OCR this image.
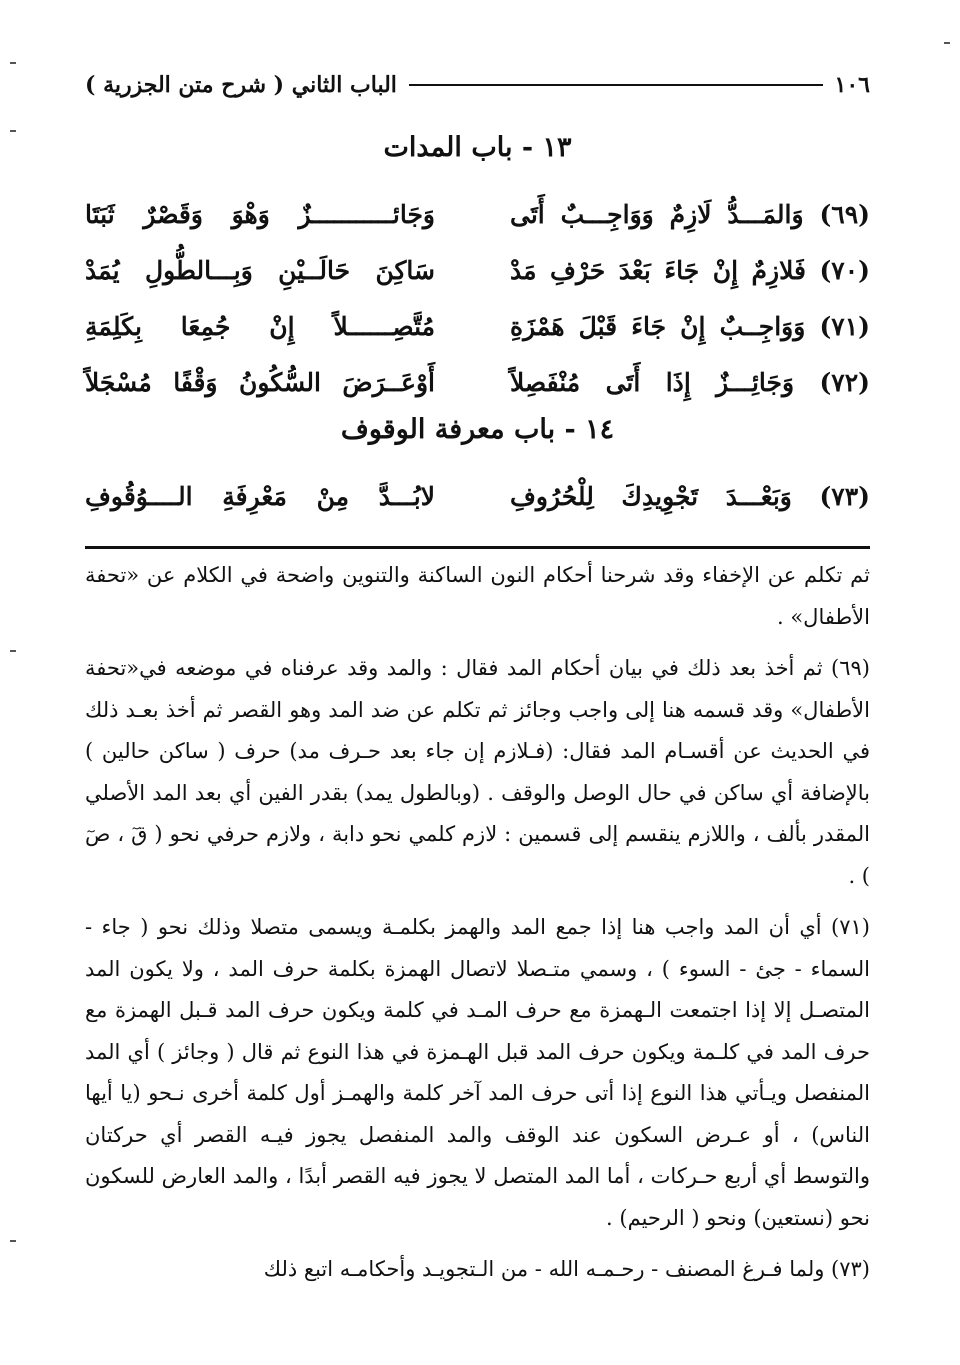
١٠٦
الباب الثاني ( شرح متن الجزرية )
١٣ - باب المدات
(٦٩) وَالمَـــدُّ لَازِمٌ وَوَاجِـــبٌ أَتَى
وَجَائـــــــــــزٌ وَهْوَ وَقَصْرٌ ثَبَتَا
(٧٠) فَلازِمٌ إِنْ جَاءَ بَعْدَ حَرْفِ مَدْ
سَاكِنَ حَالَــيْنِ وَبِـــالطُّولِ يُمَدْ
(٧١) وَوَاجِــبٌ إِنْ جَاءَ قَبْلَ هَمْزَةِ
مُتَّصِــــــلاً إِنْ جُمِعَا بِكَلِمَةِ
(٧٢) وَجَائِـــزٌ إِذَا أَتَى مُنْفَصِلاً
أَوْعَــرَضَ السُّكُونُ وَقْفًا مُسْجَلاً
١٤ - باب معرفة الوقوف
(٧٣) وَبَعْـــدَ تَجْوِيدِكَ لِلْحُرُوفِ
لابُـــدَّ مِنْ مَعْرِفَةِ الــــوُقُوفِ

ثم تكلم عن الإخفاء وقد شرحنا أحكام النون الساكنة والتنوين واضحة في الكلام عن «تحفة الأطفال» .

(٦٩) ثم أخذ بعد ذلك في بيان أحكام المد فقال : والمد وقد عرفناه في موضعه في«تحفة الأطفال» وقد قسمه هنا إلى واجب وجائز ثم تكلم عن ضد المد وهو القصر ثم أخذ بعـد ذلك في الحديث عن أقسـام المد فقال: (فـلازم إن جاء بعد حـرف مد) حرف ( ساكن حالين ) بالإضافة أي ساكن في حال الوصل والوقف . (وبالطول يمد) بقدر الفين أي بعد المد الأصلي المقدر بألف ، واللازم ينقسم إلى قسمين : لازم كلمي نحو دابة ، ولازم حرفي نحو ( قٓ ، صٓ ) .

(٧١) أي أن المد واجب هنا إذا جمع المد والهمز بكلمـة ويسمى متصلا وذلك نحو ( جاء - السماء - جئ - السوء ) ، وسمي متـصلا لاتصال الهمزة بكلمة حرف المد ، ولا يكون المد المتصـل إلا إذا اجتمعت الـهمزة مع حرف المـد في كلمة ويكون حرف المد قـبل الهمزة مع حرف المد في كلـمة ويكون حرف المد قبل الهـمزة في هذا النوع ثم قال ( وجائز ) أي المد المنفصل ويـأتي هذا النوع إذا أتى حرف المد آخر كلمة والهمـز أول كلمة أخرى نـحو (يا أيها الناس) ، أو عـرض السكون عند الوقف والمد المنفصل يجوز فيـه القصر أي حركتان والتوسط أي أربع حـركات ، أما المد المتصل لا يجوز فيه القصر أبدًا ، والمد العارض للسكون نحو (نستعين) ونحو ( الرحيم) .

(٧٣) ولما فـرغ المصنف - رحـمـه الله - من الـتجويـد وأحكامـه اتبع ذلك
